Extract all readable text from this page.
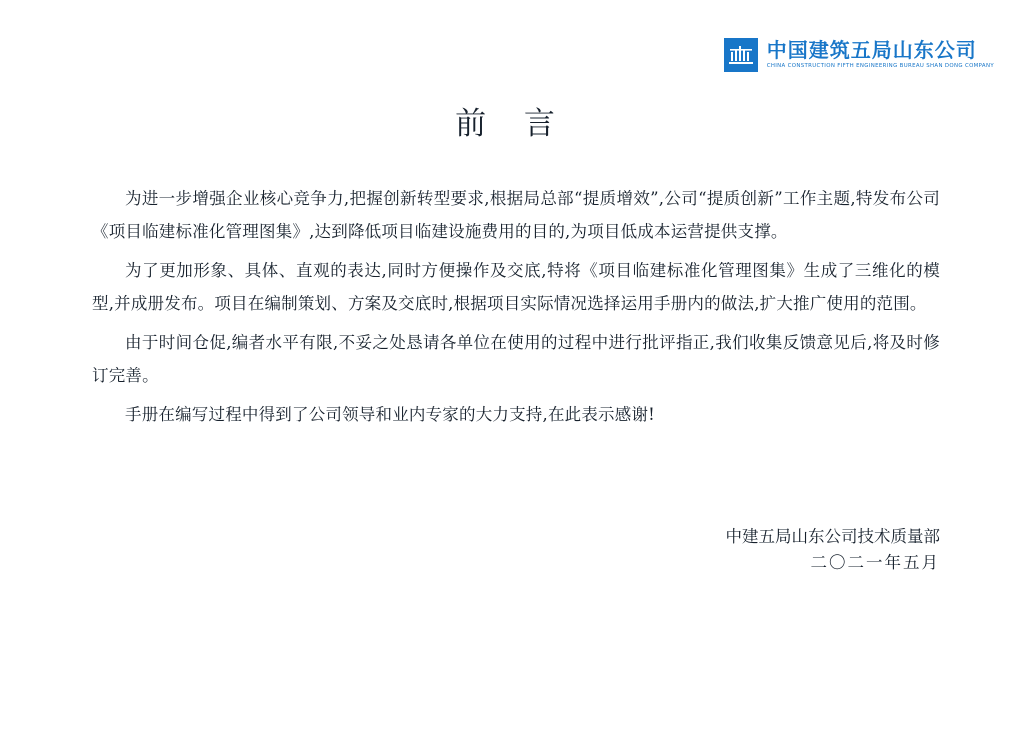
中国建筑五局山东公司
CHINA CONSTRUCTION FIFTH ENGINEERING BUREAU SHAN DONG COMPANY
前 言

为进一步增强企业核心竞争力,把握创新转型要求,根据局总部“提质增效”,公司“提质创新”工作主题,特发布公司《项目临建标准化管理图集》,达到降低项目临建设施费用的目的,为项目低成本运营提供支撑。

为了更加形象、具体、直观的表达,同时方便操作及交底,特将《项目临建标准化管理图集》生成了三维化的模型,并成册发布。项目在编制策划、方案及交底时,根据项目实际情况选择运用手册内的做法,扩大推广使用的范围。

由于时间仓促,编者水平有限,不妥之处恳请各单位在使用的过程中进行批评指正,我们收集反馈意见后,将及时修订完善。

手册在编写过程中得到了公司领导和业内专家的大力支持,在此表示感谢!

中建五局山东公司技术质量部
二〇二一年五月
